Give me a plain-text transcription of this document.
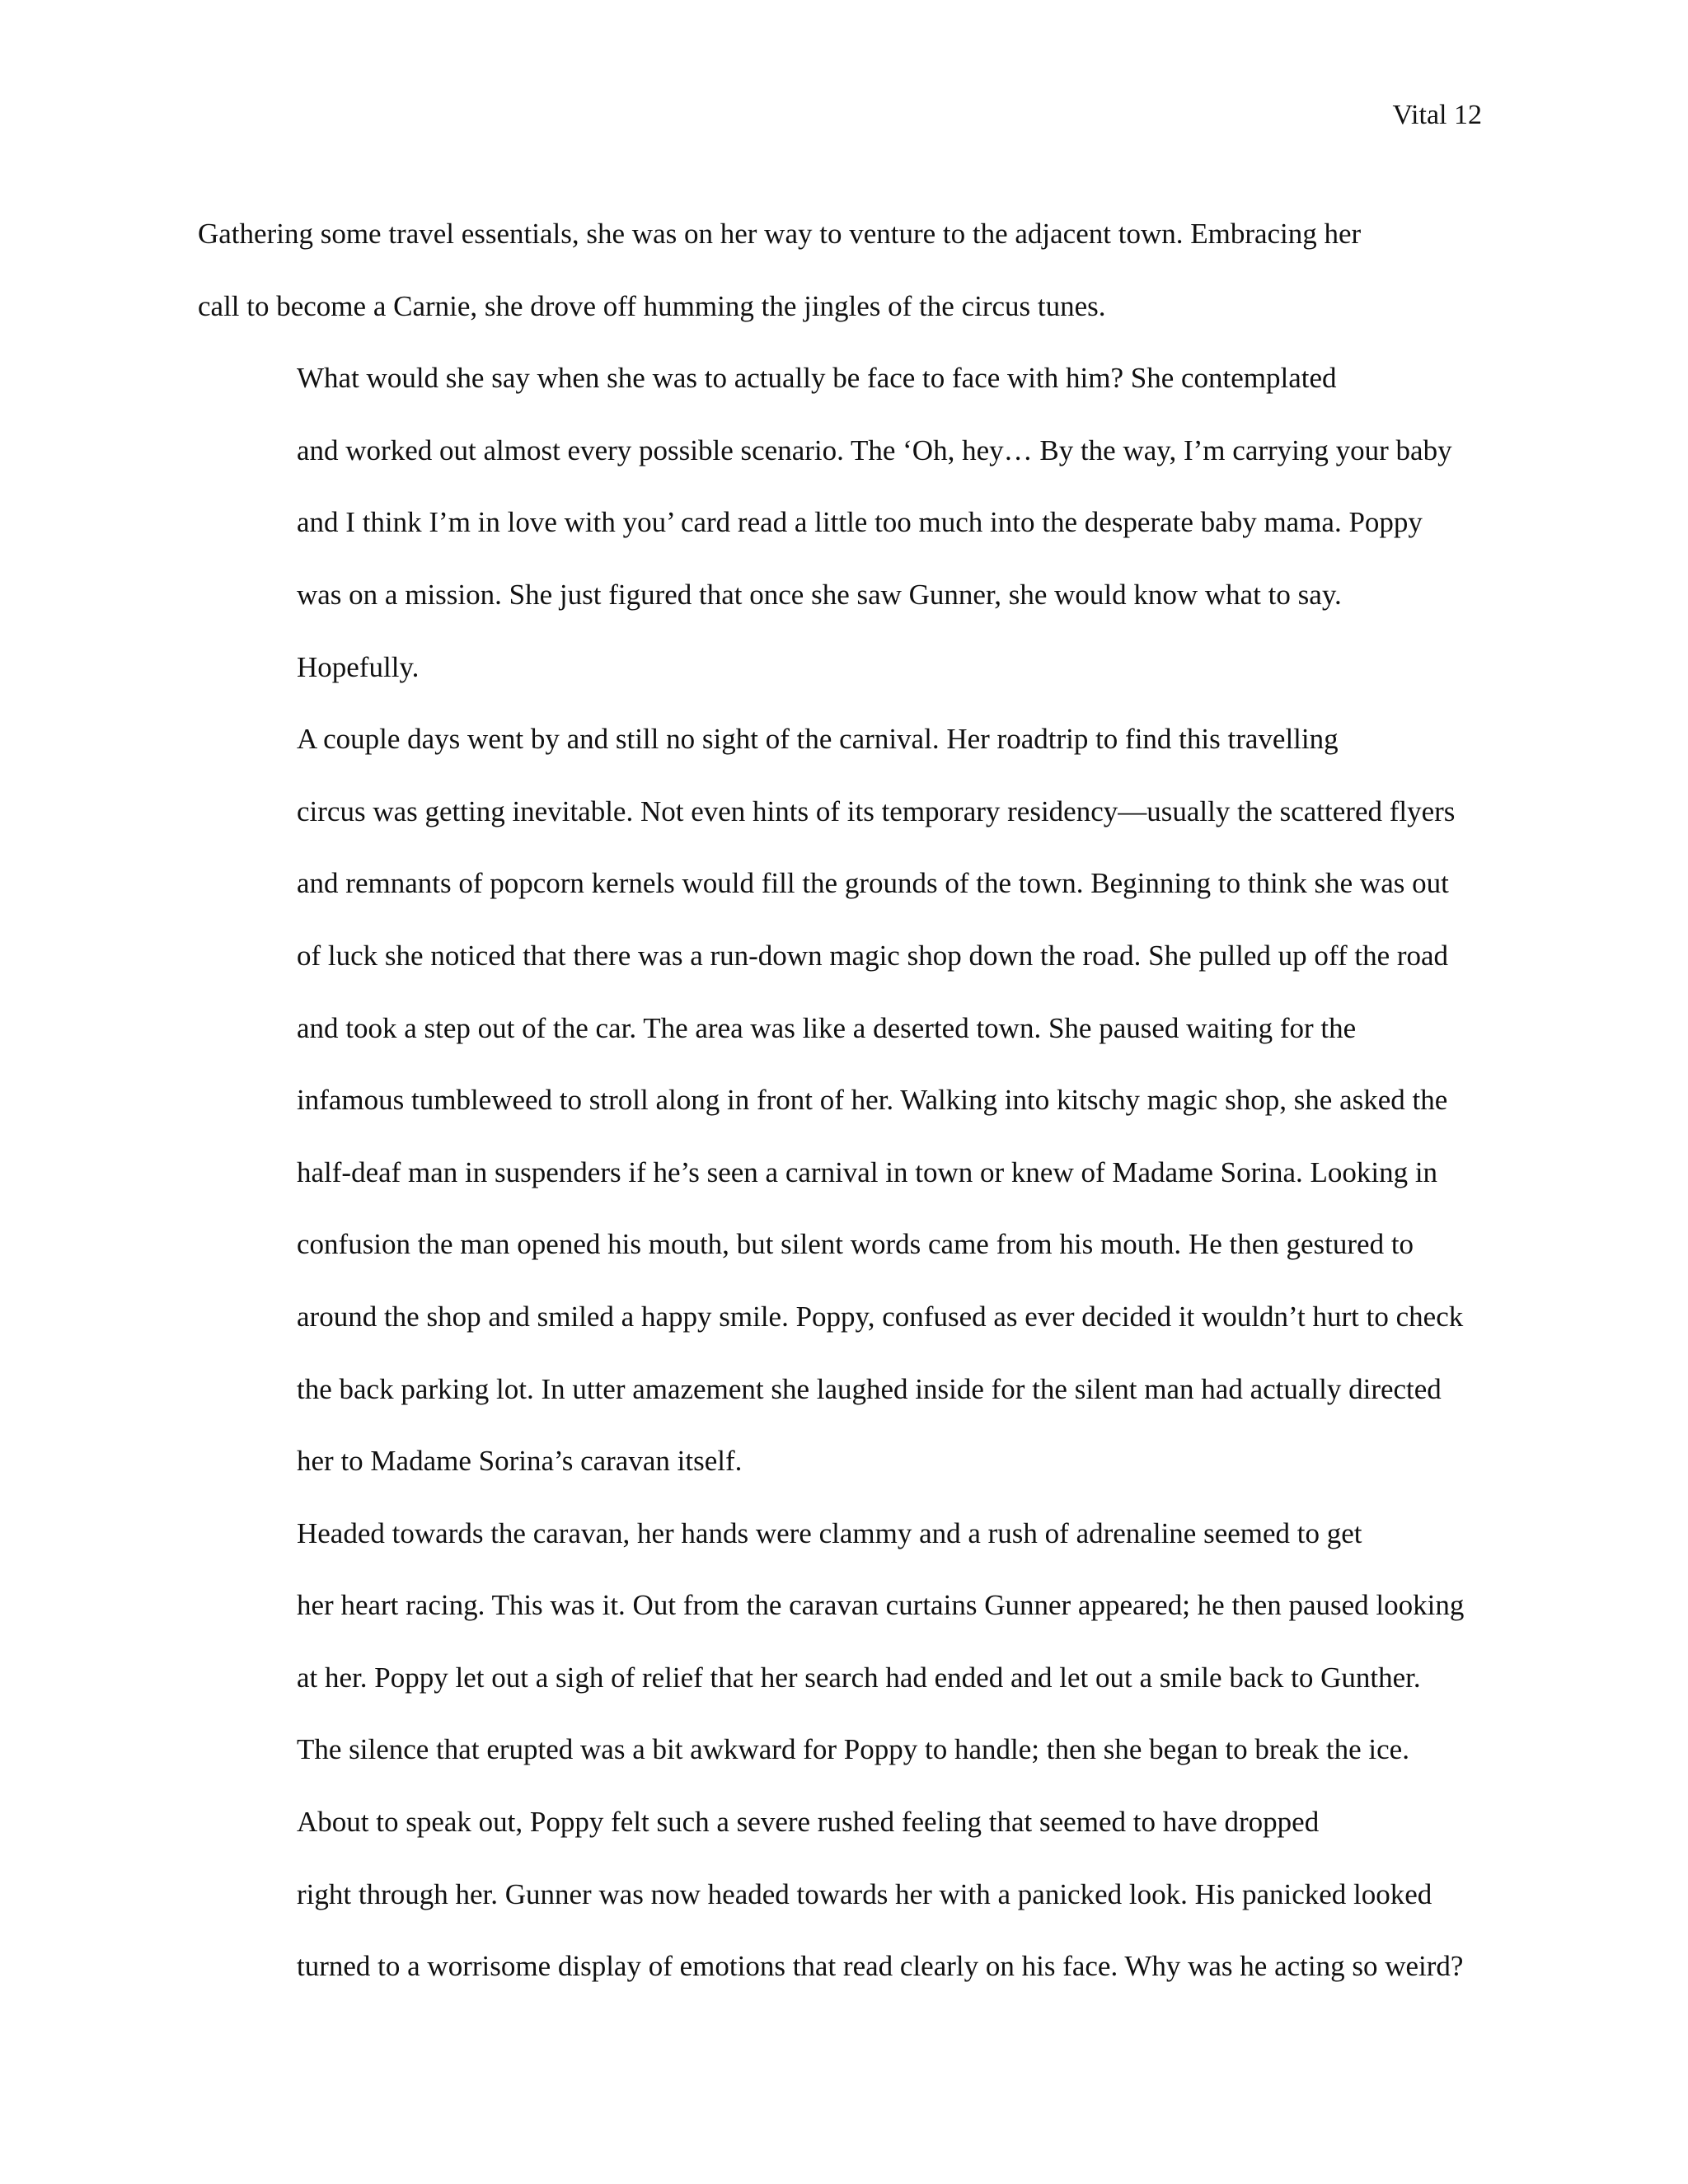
Vital 12

Gathering some travel essentials, she was on her way to venture to the adjacent town. Embracing her
call to become a Carnie, she drove off humming the jingles of the circus tunes.

What would she say when she was to actually be face to face with him? She contemplated
and worked out almost every possible scenario. The ‘Oh, hey… By the way, I’m carrying your baby
and I think I’m in love with you’ card read a little too much into the desperate baby mama. Poppy
was on a mission. She just figured that once she saw Gunner, she would know what to say.
Hopefully.

A couple days went by and still no sight of the carnival. Her roadtrip to find this travelling
circus was getting inevitable. Not even hints of its temporary residency—usually the scattered flyers
and remnants of popcorn kernels would fill the grounds of the town. Beginning to think she was out
of luck she noticed that there was a run-down magic shop down the road. She pulled up off the road
and took a step out of the car. The area was like a deserted town. She paused waiting for the
infamous tumbleweed to stroll along in front of her. Walking into kitschy magic shop, she asked the
half-deaf man in suspenders if he’s seen a carnival in town or knew of Madame Sorina. Looking in
confusion the man opened his mouth, but silent words came from his mouth. He then gestured to
around the shop and smiled a happy smile. Poppy, confused as ever decided it wouldn’t hurt to check
the back parking lot. In utter amazement she laughed inside for the silent man had actually directed
her to Madame Sorina’s caravan itself.

Headed towards the caravan, her hands were clammy and a rush of adrenaline seemed to get
her heart racing. This was it. Out from the caravan curtains Gunner appeared; he then paused looking
at her. Poppy let out a sigh of relief that her search had ended and let out a smile back to Gunther.
The silence that erupted was a bit awkward for Poppy to handle; then she began to break the ice.

About to speak out, Poppy felt such a severe rushed feeling that seemed to have dropped
right through her. Gunner was now headed towards her with a panicked look. His panicked looked
turned to a worrisome display of emotions that read clearly on his face. Why was he acting so weird?
